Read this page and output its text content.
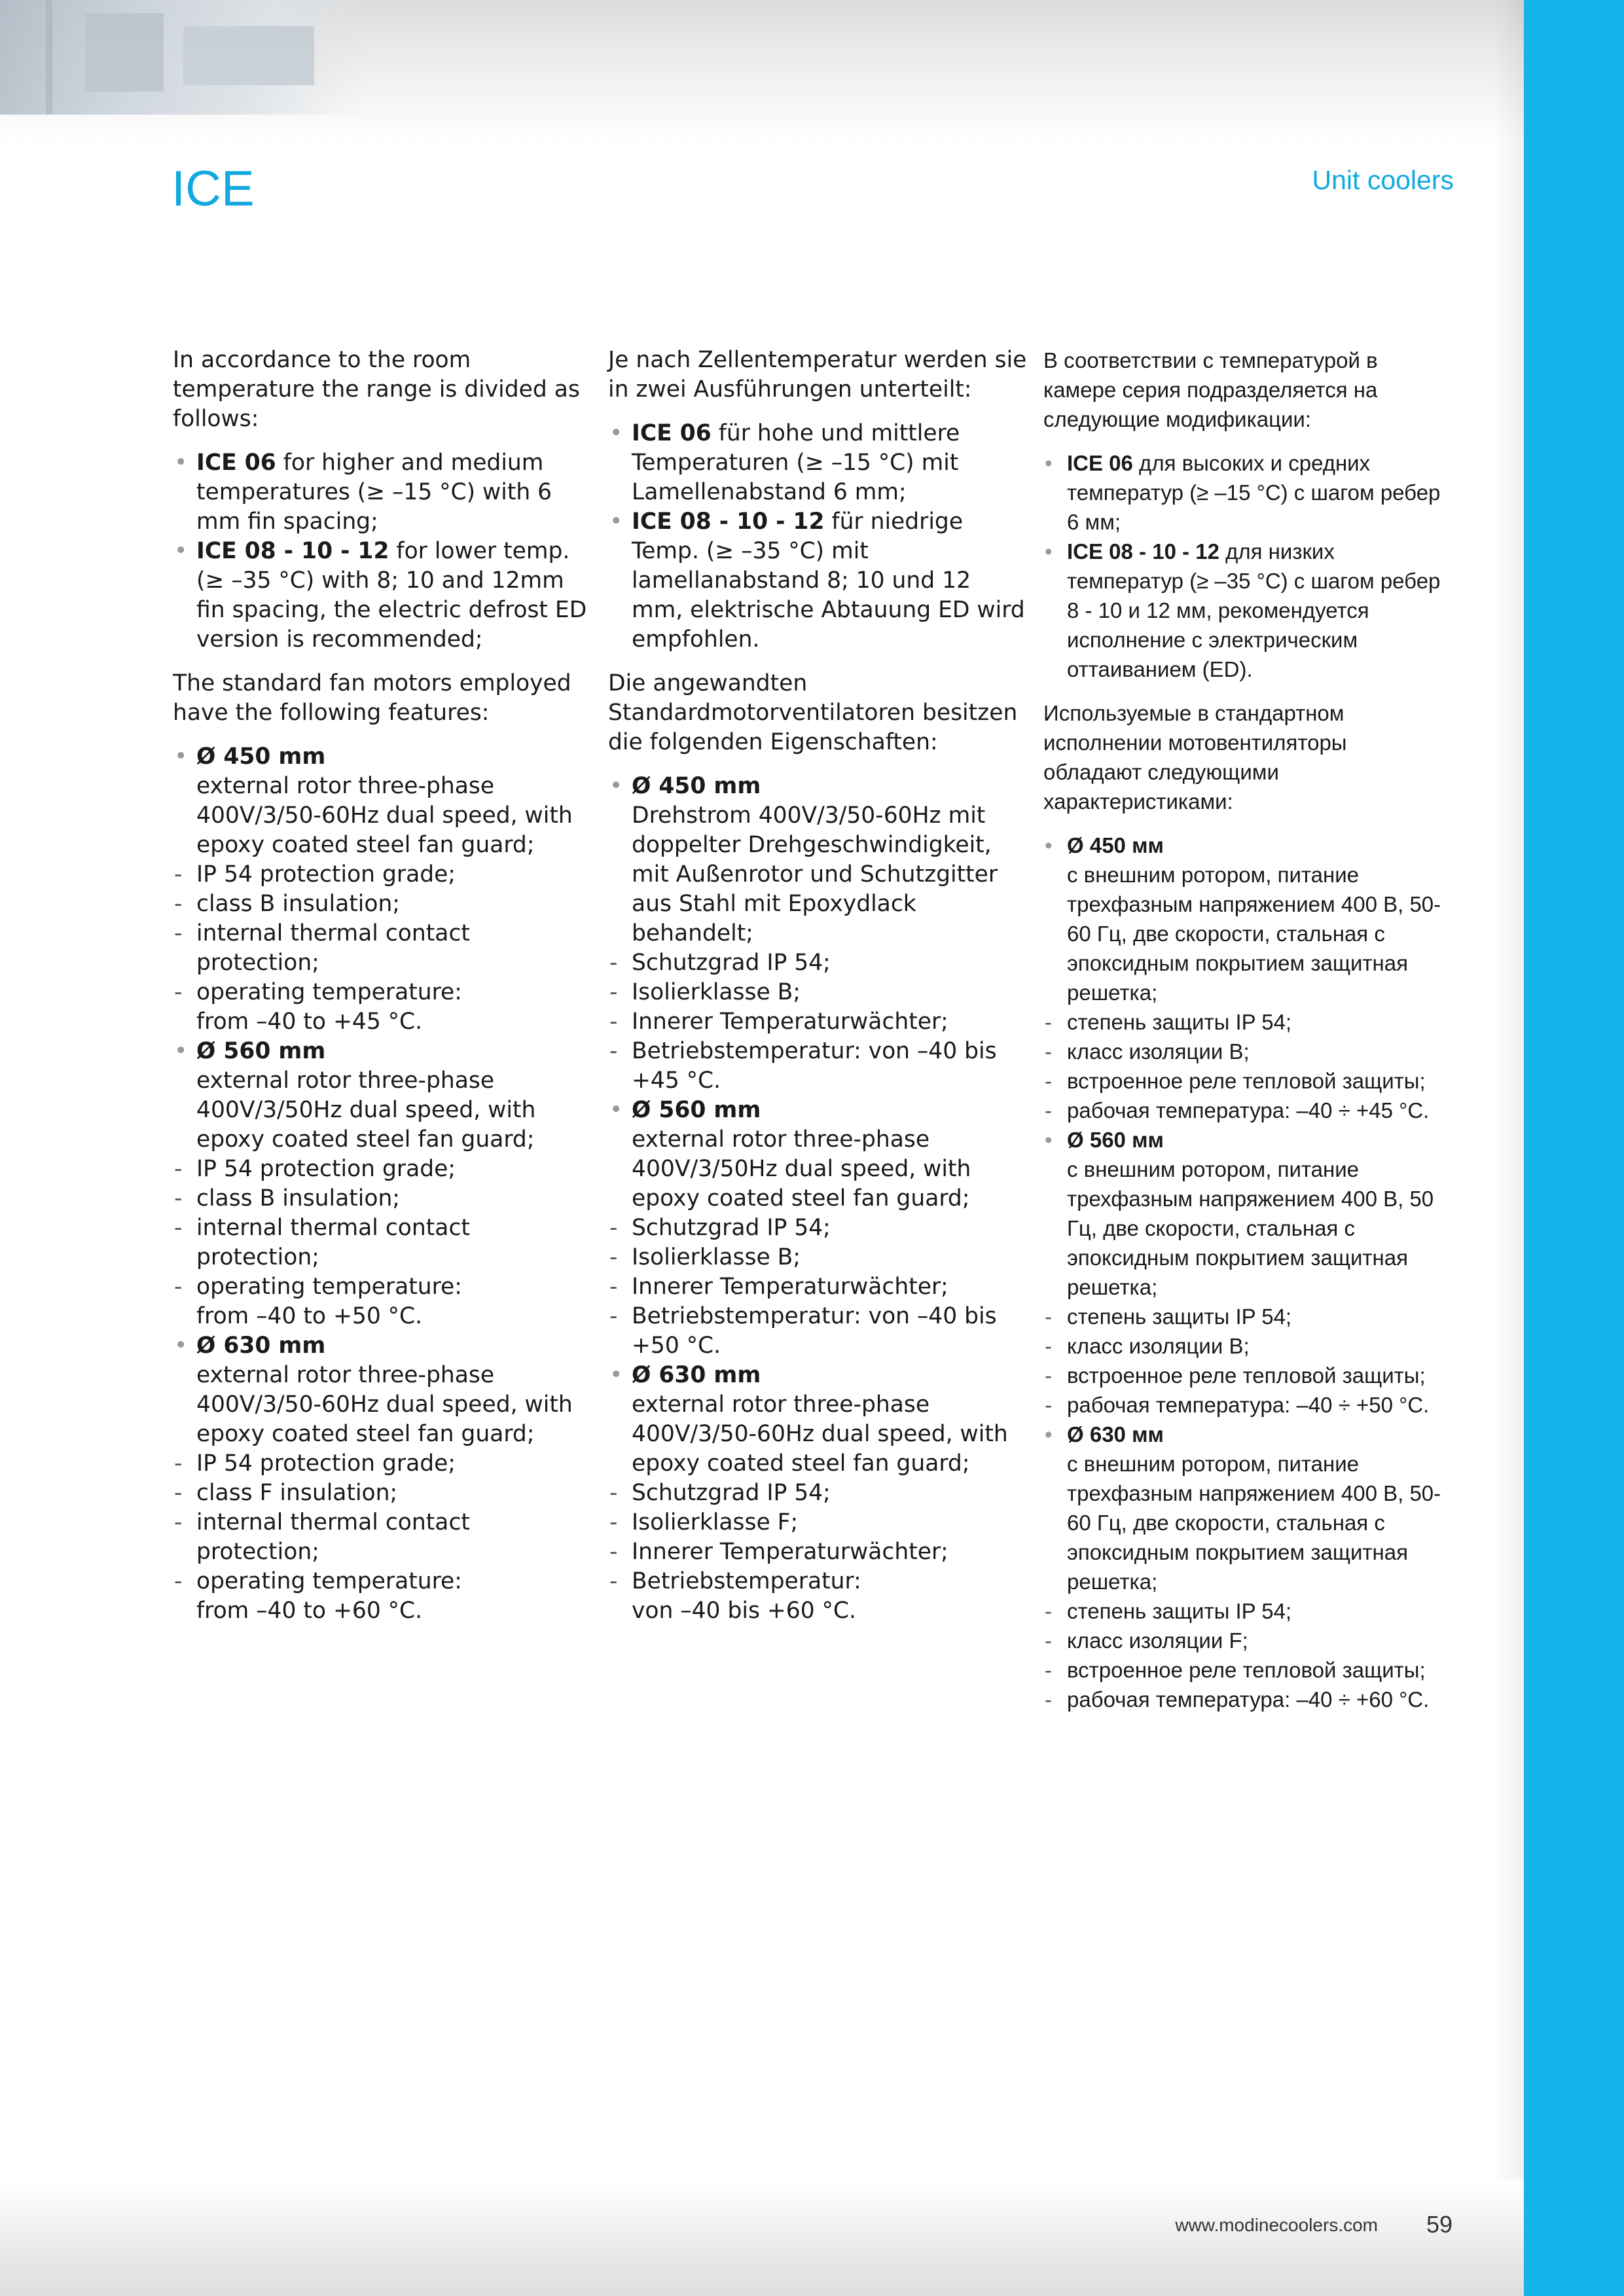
ICE	Unit coolers

In accordance to the room temperature the range is divided as follows:

• ICE 06 for higher and medium temperatures (≥ –15 °C) with 6 mm fin spacing;
• ICE 08 - 10 - 12 for lower temp. (≥ –35 °C) with 8; 10 and 12mm fin spacing, the electric defrost ED version is recommended;

The standard fan motors employed have the following features:

• Ø 450 mm
external rotor three-phase 400V/3/50-60Hz dual speed, with epoxy coated steel fan guard;
- IP 54 protection grade;
- class B insulation;
- internal thermal contact protection;
- operating temperature:
from –40 to +45 °C.
• Ø 560 mm
external rotor three-phase 400V/3/50Hz dual speed, with epoxy coated steel fan guard;
- IP 54 protection grade;
- class B insulation;
- internal thermal contact protection;
- operating temperature:
from –40 to +50 °C.
• Ø 630 mm
external rotor three-phase 400V/3/50-60Hz dual speed, with epoxy coated steel fan guard;
- IP 54 protection grade;
- class F insulation;
- internal thermal contact protection;
- operating temperature:
from –40 to +60 °C.

Je nach Zellentemperatur werden sie in zwei Ausführungen unterteilt:

• ICE 06 für hohe und mittlere Temperaturen (≥ –15 °C) mit Lamellenabstand 6 mm;
• ICE 08 - 10 - 12 für niedrige Temp. (≥ –35 °C) mit lamellanabstand 8; 10 und 12 mm, elektrische Abtauung ED wird empfohlen.

Die angewandten Standardmotorventilatoren besitzen die folgenden Eigenschaften:

• Ø 450 mm
Drehstrom 400V/3/50-60Hz mit doppelter Drehgeschwindigkeit, mit Außenrotor und Schutzgitter aus Stahl mit Epoxydlack behandelt;
- Schutzgrad IP 54;
- Isolierklasse B;
- Innerer Temperaturwächter;
- Betriebstemperatur: von –40 bis +45 °C.
• Ø 560 mm
external rotor three-phase 400V/3/50Hz dual speed, with epoxy coated steel fan guard;
- Schutzgrad IP 54;
- Isolierklasse B;
- Innerer Temperaturwächter;
- Betriebstemperatur: von –40 bis +50 °C.
• Ø 630 mm
external rotor three-phase 400V/3/50-60Hz dual speed, with epoxy coated steel fan guard;
- Schutzgrad IP 54;
- Isolierklasse F;
- Innerer Temperaturwächter;
- Betriebstemperatur:
von –40 bis +60 °C.

В соответствии с температурой в камере серия подразделяется на следующие модификации:

• ICE 06 для высоких и средних температур (≥ –15 °C) с шагом ребер 6 мм;
• ICE 08 - 10 - 12 для низких температур (≥ –35 °C) с шагом ребер 8 - 10 и 12 мм, рекомендуется исполнение с электрическим оттаиванием (ED).

Используемые в стандартном исполнении мотовентиляторы обладают следующими характеристиками:

• Ø 450 мм
с внешним ротором, питание трехфазным напряжением 400 В, 50-60 Гц, две скорости, стальная с эпоксидным покрытием защитная решетка;
- степень защиты IP 54;
- класс изоляции B;
- встроенное реле тепловой защиты;
- рабочая температура: –40 ÷ +45 °C.
• Ø 560 мм
с внешним ротором, питание трехфазным напряжением 400 В, 50 Гц, две скорости, стальная с эпоксидным покрытием защитная решетка;
- степень защиты IP 54;
- класс изоляции B;
- встроенное реле тепловой защиты;
- рабочая температура: –40 ÷ +50 °C.
• Ø 630 мм
с внешним ротором, питание трехфазным напряжением 400 В, 50-60 Гц, две скорости, стальная с эпоксидным покрытием защитная решетка;
- степень защиты IP 54;
- класс изоляции F;
- встроенное реле тепловой защиты;
- рабочая температура: –40 ÷ +60 °C.
www.modinecoolers.com 59
